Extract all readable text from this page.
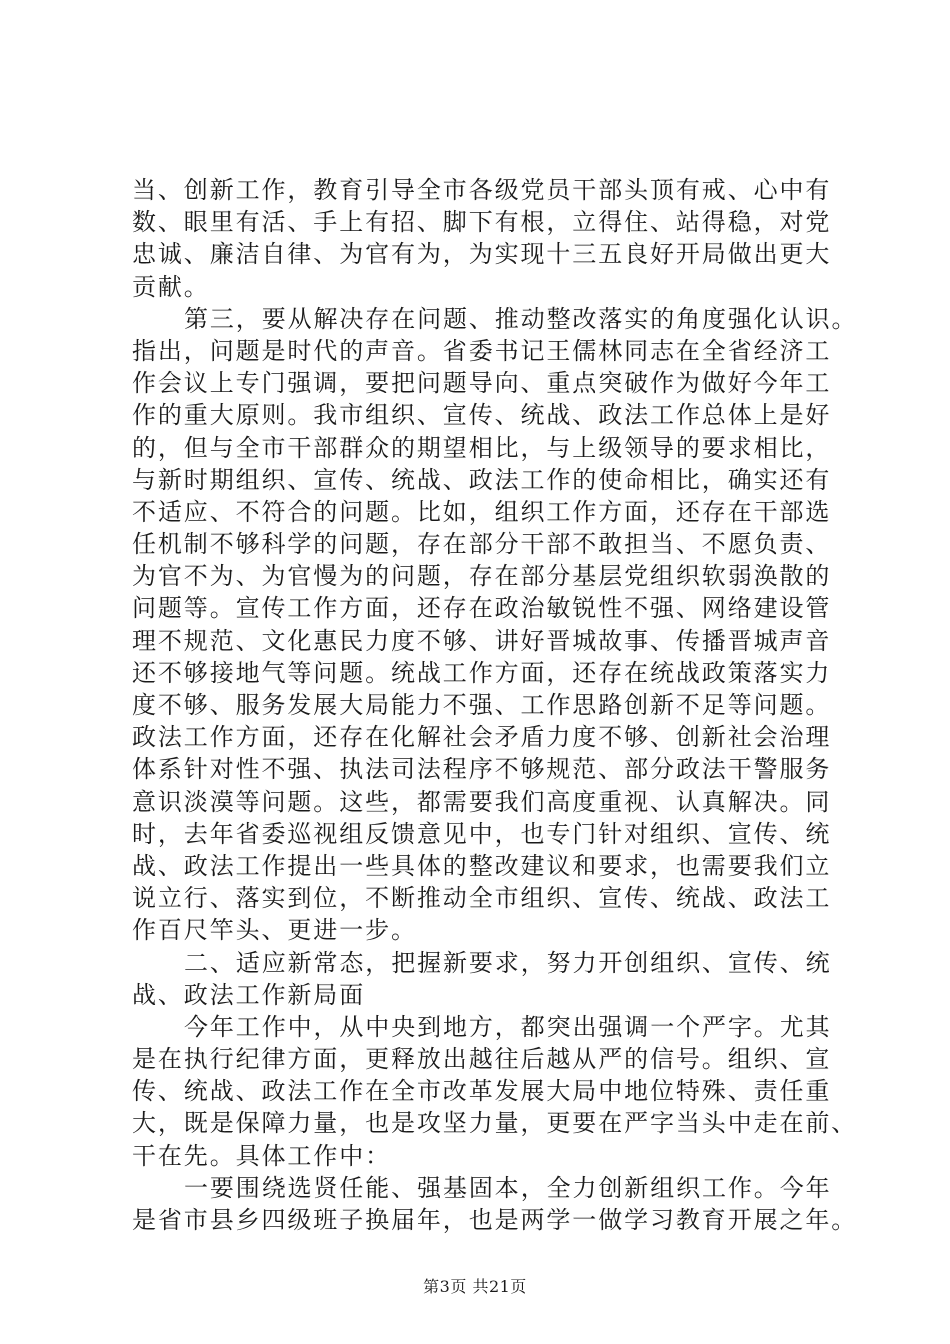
当、创新工作，教育引导全市各级党员干部头顶有戒、心中有
数、眼里有活、手上有招、脚下有根，立得住、站得稳，对党
忠诚、廉洁自律、为官有为，为实现十三五良好开局做出更大
贡献。
第三，要从解决存在问题、推动整改落实的角度强化认识。
指出，问题是时代的声音。省委书记王儒林同志在全省经济工
作会议上专门强调，要把问题导向、重点突破作为做好今年工
作的重大原则。我市组织、宣传、统战、政法工作总体上是好
的，但与全市干部群众的期望相比，与上级领导的要求相比，
与新时期组织、宣传、统战、政法工作的使命相比，确实还有
不适应、不符合的问题。比如，组织工作方面，还存在干部选
任机制不够科学的问题，存在部分干部不敢担当、不愿负责、
为官不为、为官慢为的问题，存在部分基层党组织软弱涣散的
问题等。宣传工作方面，还存在政治敏锐性不强、网络建设管
理不规范、文化惠民力度不够、讲好晋城故事、传播晋城声音
还不够接地气等问题。统战工作方面，还存在统战政策落实力
度不够、服务发展大局能力不强、工作思路创新不足等问题。
政法工作方面，还存在化解社会矛盾力度不够、创新社会治理
体系针对性不强、执法司法程序不够规范、部分政法干警服务
意识淡漠等问题。这些，都需要我们高度重视、认真解决。同
时，去年省委巡视组反馈意见中，也专门针对组织、宣传、统
战、政法工作提出一些具体的整改建议和要求，也需要我们立
说立行、落实到位，不断推动全市组织、宣传、统战、政法工
作百尺竿头、更进一步。
二、适应新常态，把握新要求，努力开创组织、宣传、统
战、政法工作新局面
今年工作中，从中央到地方，都突出强调一个严字。尤其
是在执行纪律方面，更释放出越往后越从严的信号。组织、宣
传、统战、政法工作在全市改革发展大局中地位特殊、责任重
大，既是保障力量，也是攻坚力量，更要在严字当头中走在前、
干在先。具体工作中：
一要围绕选贤任能、强基固本，全力创新组织工作。今年
是省市县乡四级班子换届年，也是两学一做学习教育开展之年。
第3页 共21页
